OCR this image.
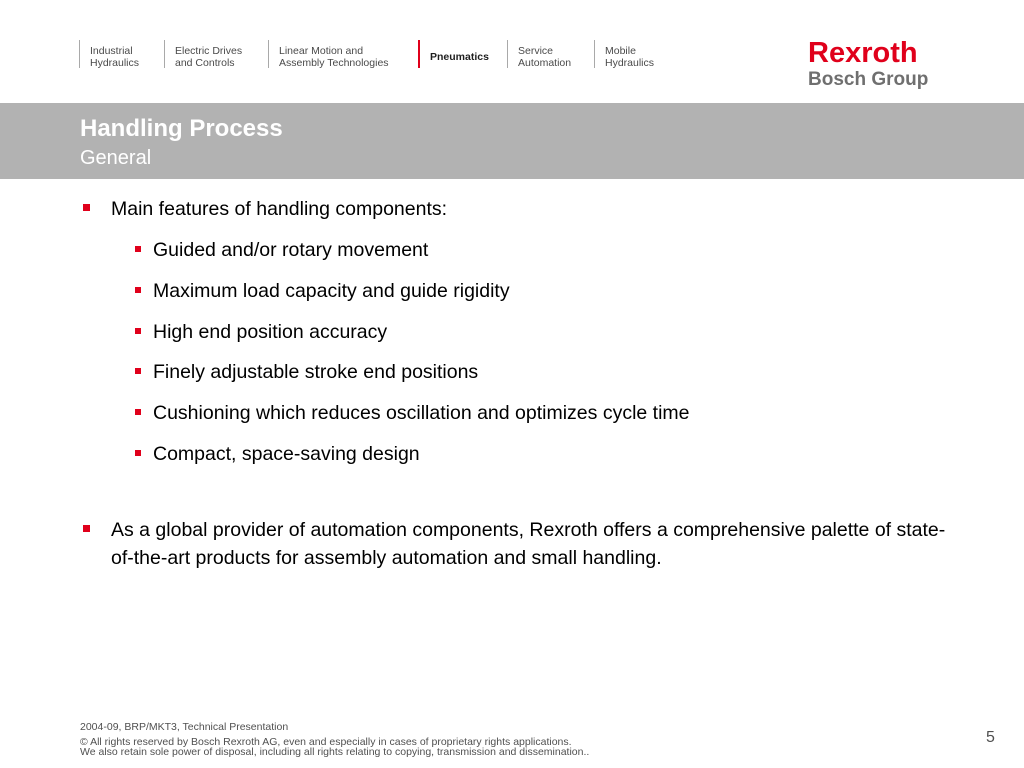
Industrial
Hydraulics
Electric Drives
and Controls
Linear Motion and
Assembly Technologies	Pneumatics	Service
Automation
Mobile
Hydraulics	Rexroth
Bosch Group
Handling Process
General
Main features of handling components:
Guided and/or rotary movement
Maximum load capacity and guide rigidity
High end position accuracy
Finely adjustable stroke end positions
Cushioning which reduces oscillation and optimizes cycle time
Compact, space-saving design
As a global provider of automation components, Rexroth offers a comprehensive palette of state-of-the-art products for assembly automation and small handling.
2004-09, BRP/MKT3, Technical Presentation
© All rights reserved by Bosch Rexroth AG, even and especially in cases of proprietary rights applications.
We also retain sole power of disposal, including all rights relating to copying, transmission and dissemination..
5
